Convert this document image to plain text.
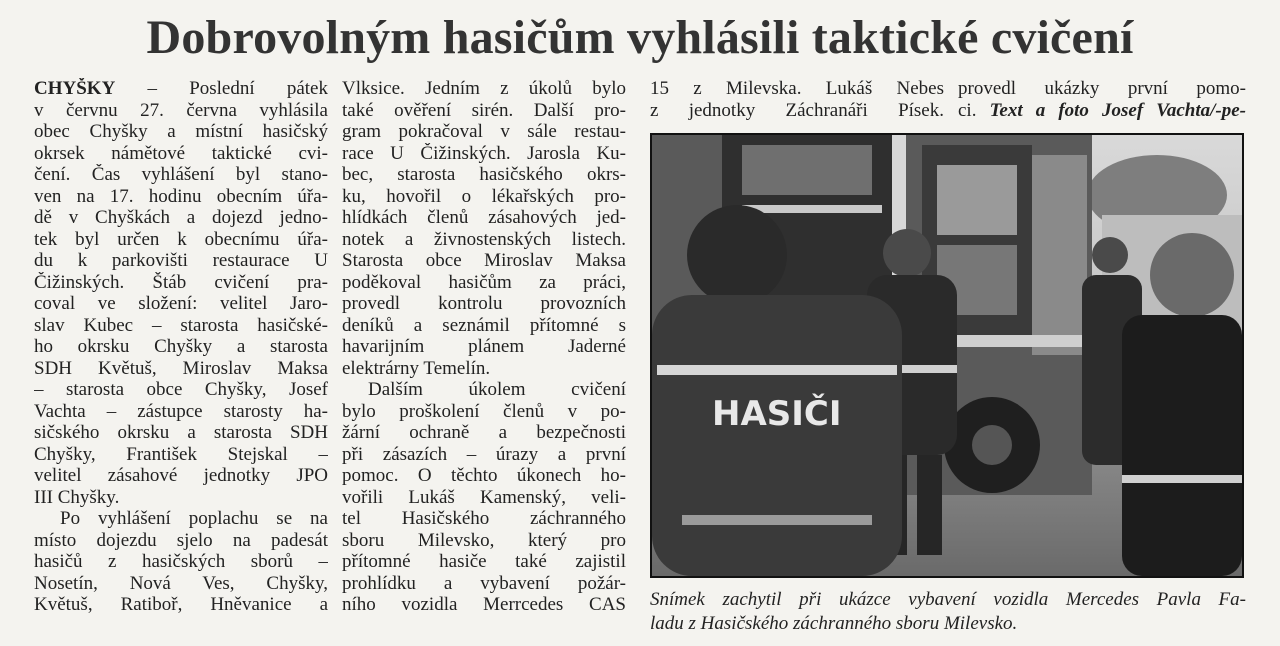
Dobrovolným hasičům vyhlásili taktické cvičení
CHYŠKY – Poslední pátek
v červnu 27. června vyhlásila
obec Chyšky a místní hasičský
okrsek námětové taktické cvi-
čení. Čas vyhlášení byl stano-
ven na 17. hodinu obecním úřa-
dě v Chyškách a dojezd jedno-
tek byl určen k obecnímu úřa-
du k parkovišti restaurace U
Čižinských. Štáb cvičení pra-
coval ve složení: velitel Jaro-
slav Kubec – starosta hasičské-
ho okrsku Chyšky a starosta
SDH Květuš, Miroslav Maksa
– starosta obce Chyšky, Josef
Vachta – zástupce starosty ha-
sičského okrsku a starosta SDH
Chyšky, František Stejskal –
velitel zásahové jednotky JPO
III Chyšky.
Po vyhlášení poplachu se na
místo dojezdu sjelo na padesát
hasičů z hasičských sborů –
Nosetín, Nová Ves, Chyšky,
Květuš, Ratiboř, Hněvanice a
Vlksice. Jedním z úkolů bylo
také ověření sirén. Další pro-
gram pokračoval v sále restau-
race U Čižinských. Jarosla Ku-
bec, starosta hasičského okrs-
ku, hovořil o lékařských pro-
hlídkách členů zásahových jed-
notek a živnostenských listech.
Starosta obce Miroslav Maksa
poděkoval hasičům za práci,
provedl kontrolu provozních
deníků a seznámil přítomné s
havarijním plánem Jaderné
elektrárny Temelín.
Dalším úkolem cvičení
bylo proškolení členů v po-
žární ochraně a bezpečnosti
při zásazích – úrazy a první
pomoc. O těchto úkonech ho-
vořili Lukáš Kamenský, veli-
tel Hasičského záchranného
sboru Milevsko, který pro
přítomné hasiče také zajistil
prohlídku a vybavení požár-
ního vozidla Merrcedes CAS
15 z Milevska. Lukáš Nebes
z jednotky Záchranáři Písek.
provedl ukázky první pomo-
ci. Text a foto Josef Vachta/-pe-
HASIČI
Snímek zachytil při ukázce vybavení vozidla Mercedes Pavla Fa-
ladu z Hasičského záchranného sboru Milevsko.
